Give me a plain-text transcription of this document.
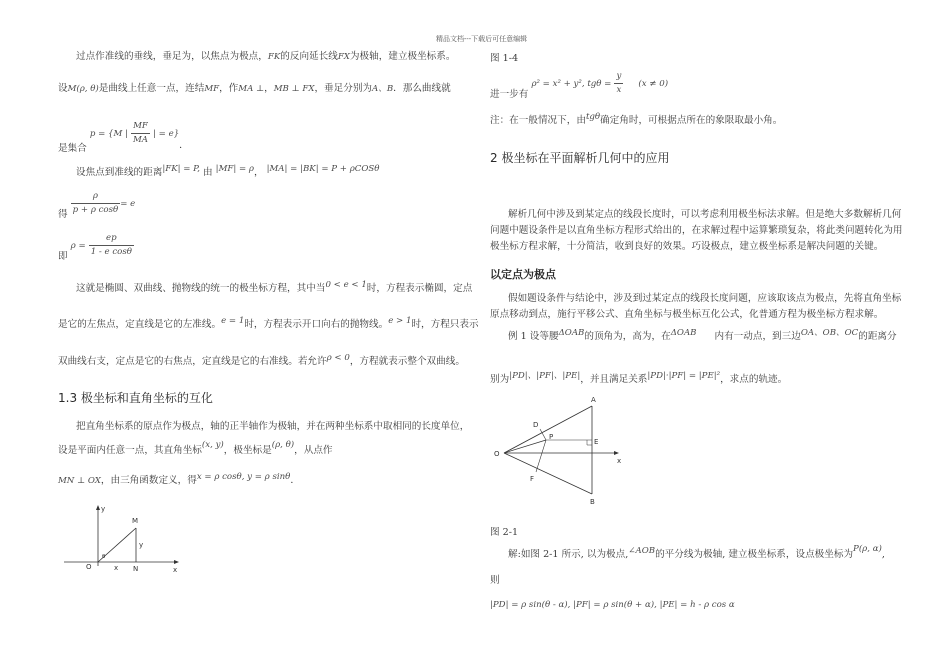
精品文档---下载后可任意编辑
过点作准线的垂线，垂足为，以焦点为极点，FK的反向延长线FX为极轴，建立极坐标系。
设M(ρ, θ)是曲线上任意一点，连结MF，作MA ⊥，MB ⊥ FX，垂足分别为A、B．那么曲线就
是集合 p = {M | $\frac{MF}{MA}$ | = e}．
设焦点到准线的距离|FK| = P, 由 |MF| = ρ， |MA| = |BK| = P + ρCOSθ
得 $\frac{\rho}{\text{p + ρ cosθ}} = e$
即 $\rho = \frac{ep}{\text{1 - e cosθ}}$
这就是椭圆、双曲线、抛物线的统一的极坐标方程，其中当0 < e < 1时，方程表示椭圆，定点
是它的左焦点，定直线是它的左准线。e = 1时，方程表示开口向右的抛物线。e > 1时，方程只表示
双曲线右支，定点是它的右焦点，定直线是它的右准线。若允许ρ < 0，方程就表示整个双曲线。
1.3 极坐标和直角坐标的互化
把直角坐标系的原点作为极点，轴的正半轴作为极轴，并在两种坐标系中取相同的长度单位，
设是平面内任意一点，其直角坐标(x, y)，极坐标是(ρ, θ)，从点作
MN ⊥ OX，由三角函数定义，得x = ρ cosθ, y = ρ sinθ．
y
M
y
θ
O	x N	x
图 1-4
进一步有 ρ² = x² + y², $tg\theta = \frac{y}{x} (x \ne 0)$
注：在一般情况下，由tgθ确定角时，可根据点所在的象限取最小角。
2 极坐标在平面解析几何中的应用
解析几何中涉及到某定点的线段长度时，可以考虑利用极坐标法求解。但是绝大多数解析几何
问题中题设条件是以直角坐标方程形式给出的，在求解过程中运算繁琐复杂，将此类问题转化为用
极坐标方程求解，十分简洁，收到良好的效果。巧设极点，建立极坐标系是解决问题的关键。
以定点为极点
假如题设条件与结论中，涉及到过某定点的线段长度问题，应该取该点为极点，先将直角坐标
原点移动到点，施行平移公式、直角坐标与极坐标互化公式，化普通方程为极坐标方程求解。
例 1 设等腰ΔOAB的顶角为，高为，在ΔOAB 内有一动点，到三边OA、OB、OC的距离分
别为|PD|、|PF|、|PE|，并且满足关系|PD|·|PF| = |PE|²，求点的轨迹。
A
D
P
E
O
x
F
B
图 2-1
解:如图 2-1 所示, 以为极点,∠AOB的平分线为极轴, 建立极坐标系，设点极坐标为P(ρ, α),
则
|PD| = ρ sin(θ - α), |PF| = ρ sin(θ + α), |PE| = h - ρ cos α
